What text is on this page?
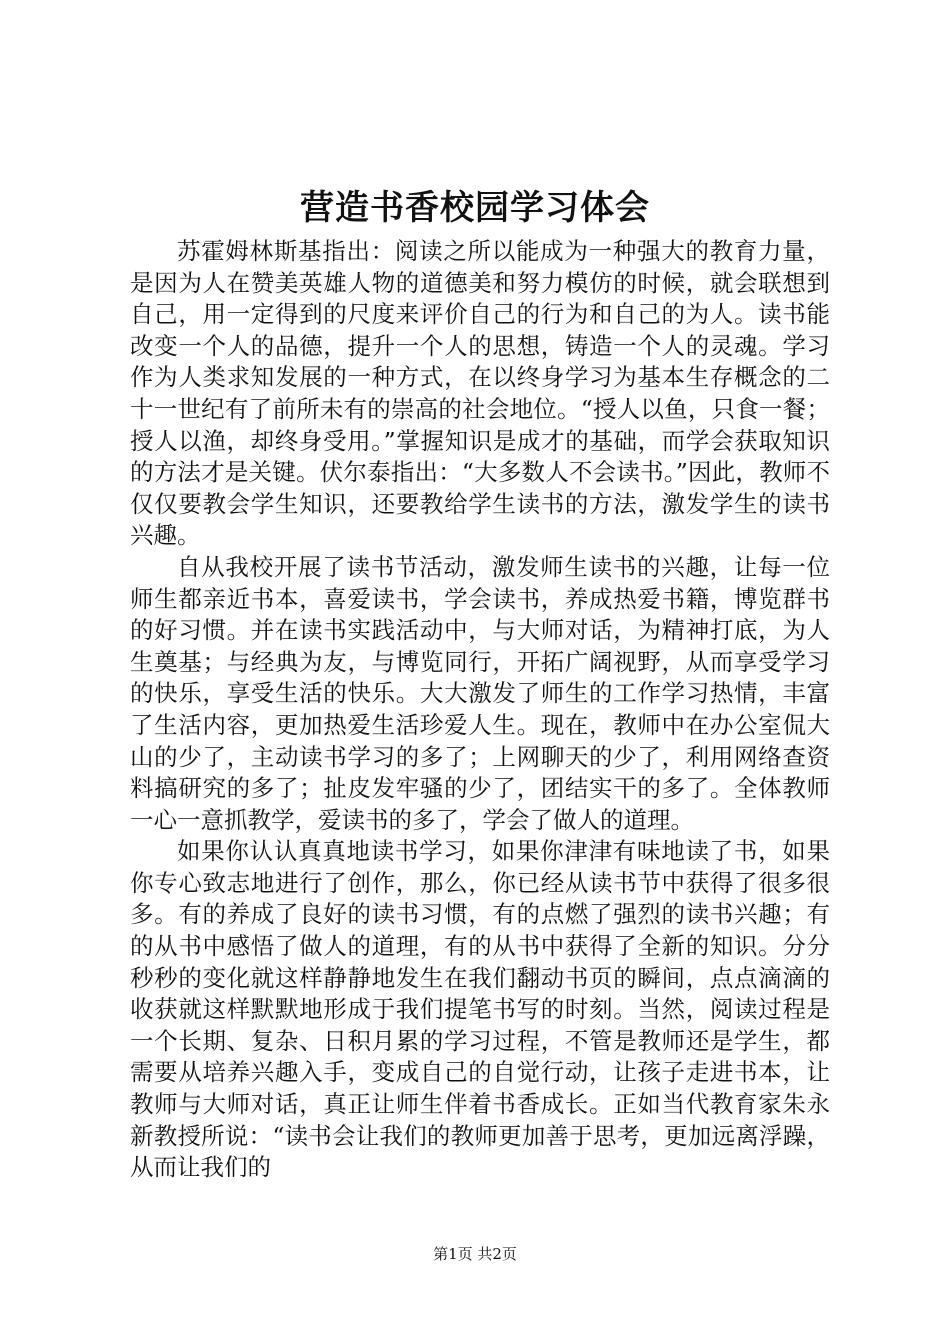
营造书香校园学习体会

苏霍姆林斯基指出：阅读之所以能成为一种强大的教育力量，是因为人在赞美英雄人物的道德美和努力模仿的时候，就会联想到自己，用一定得到的尺度来评价自己的行为和自己的为人。读书能改变一个人的品德，提升一个人的思想，铸造一个人的灵魂。学习作为人类求知发展的一种方式，在以终身学习为基本生存概念的二十一世纪有了前所未有的崇高的社会地位。“授人以鱼，只食一餐；授人以渔，却终身受用。”掌握知识是成才的基础，而学会获取知识的方法才是关键。伏尔泰指出：“大多数人不会读书。”因此，教师不仅仅要教会学生知识，还要教给学生读书的方法，激发学生的读书兴趣。

自从我校开展了读书节活动，激发师生读书的兴趣，让每一位师生都亲近书本，喜爱读书，学会读书，养成热爱书籍，博览群书的好习惯。并在读书实践活动中，与大师对话，为精神打底，为人生奠基；与经典为友，与博览同行，开拓广阔视野，从而享受学习的快乐，享受生活的快乐。大大激发了师生的工作学习热情，丰富了生活内容，更加热爱生活珍爱人生。现在，教师中在办公室侃大山的少了，主动读书学习的多了；上网聊天的少了，利用网络查资料搞研究的多了；扯皮发牢骚的少了，团结实干的多了。全体教师一心一意抓教学，爱读书的多了，学会了做人的道理。

如果你认认真真地读书学习，如果你津津有味地读了书，如果你专心致志地进行了创作，那么，你已经从读书节中获得了很多很多。有的养成了良好的读书习惯，有的点燃了强烈的读书兴趣；有的从书中感悟了做人的道理，有的从书中获得了全新的知识。分分秒秒的变化就这样静静地发生在我们翻动书页的瞬间，点点滴滴的收获就这样默默地形成于我们提笔书写的时刻。当然，阅读过程是一个长期、复杂、日积月累的学习过程，不管是教师还是学生，都需要从培养兴趣入手，变成自己的自觉行动，让孩子走进书本，让教师与大师对话，真正让师生伴着书香成长。正如当代教育家朱永新教授所说：“读书会让我们的教师更加善于思考，更加远离浮躁，从而让我们的

第1页 共2页
